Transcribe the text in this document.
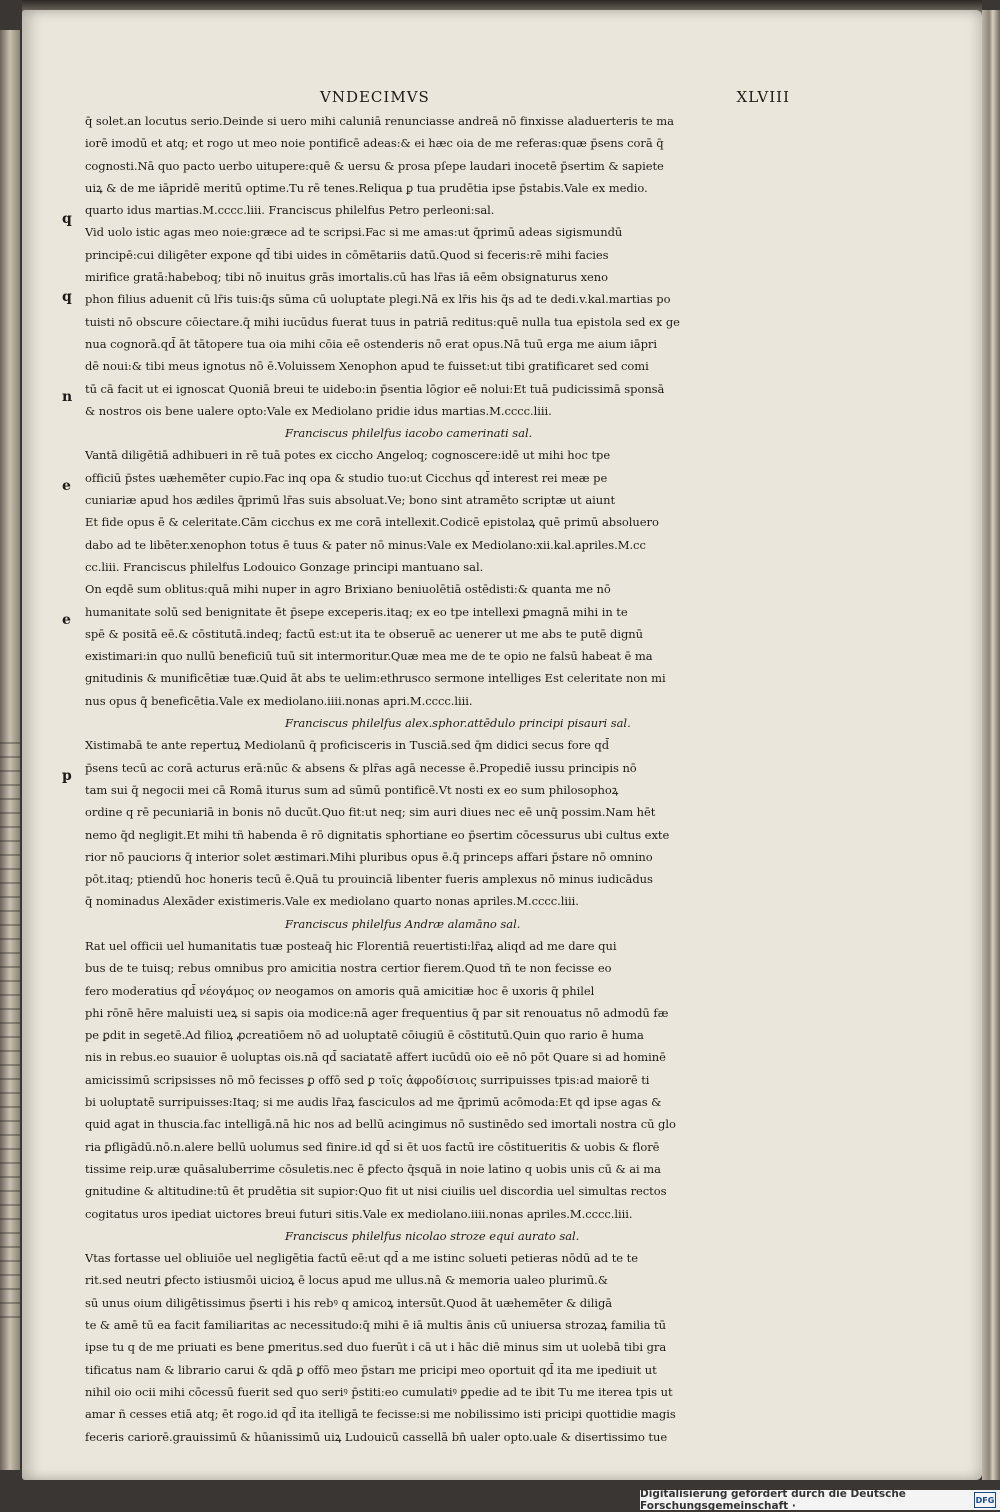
VNDECIMVS	XLVIII
q̄ solet.an locutus serio.Deinde si uero mihi caluniā renunciasse andreā nō finxisse aladuerteris te ma
iorē imodū et atq; et rogo ut meo noie pontificē adeas:& ei hæc oia de me referas:quæ p̄sens corā q̄
cognosti.Nā quo pacto uerbo uitupere:quē & uersu & prosa pſepe laudari inocetē p̄sertim & sapiete
uiꝝ & de me iāpridē meritū optime.Tu rē tenes.Reliqua ꝑ tua prudētia ipse p̄stabis.Vale ex medio.
quarto idus martias.M.cccc.liii. Franciscus philelfus Petro perleoni:sal.
Vid uolo istic agas meo noie:græce ad te scripsi.Fac si me amas:ut q̄primū adeas sigismundū
principē:cui diligēter expone qd̄ tibi uides in cōmētariis datū.Quod si feceris:rē mihi facies
mirifice gratā:habeboq; tibi nō inuitus grās imortalis.cū has lr̄as iā eēm obsignaturus xeno
phon filius aduenit cū lr̄is tuis:q̄s sūma cū uoluptate plegi.Nā ex lr̄is his q̄s ad te dedi.v.kal.martias po
tuisti nō obscure cōiectare.q̄ mihi iucūdus fuerat tuus in patriā reditus:quē nulla tua epistola sed ex ge
nua cognorā.qd̄ āt tātopere tua oia mihi cōia eē ostenderis nō erat opus.Nā tuū erga me aium iāpri
dē noui:& tibi meus ignotus nō ē.Voluissem Xenophon apud te fuisset:ut tibi gratificaret sed comi
tū cā facit ut ei ignoscat Quoniā breui te uidebo:in p̄sentia lōgior eē nolui:Et tuā pudicissimā sponsā
& nostros ois bene ualere opto:Vale ex Mediolano pridie idus martias.M.cccc.liii.
Franciscus philelfus iacobo camerinati sal.
Vantā diligētiā adhibueri in rē tuā potes ex ciccho Angeloq; cognoscere:idē ut mihi hoc tpe
officiū p̄stes uæhemēter cupio.Fac inq opa & studio tuo:ut Cicchus qd̄ interest rei meæ pe
cuniariæ apud hos ædiles q̄primū lr̄as suis absoluat.Ve; bono sint atramēto scriptæ ut aiunt
Et fide opus ē & celeritate.Cām cicchus ex me corā intellexit.Codicē epistolaꝝ quē primū absoluero
dabo ad te libēter.xenophon totus ē tuus & pater nō minus:Vale ex Mediolano:xii.kal.apriles.M.cc
cc.liii. Franciscus philelfus Lodouico Gonzage principi mantuano sal.
On eqdē sum oblitus:quā mihi nuper in agro Brixiano beniuolētiā ostēdisti:& quanta me nō
humanitate solū sed benignitate ēt p̄sepe exceperis.itaq; ex eo tpe intellexi ꝑmagnā mihi in te
spē & positā eē.& cōstitutā.indeq; factū est:ut ita te obseruē ac uenerer ut me abs te putē dignū
existimari:in quo nullū beneficiū tuū sit intermoritur.Quæ mea me de te opio ne falsū habeat ē ma
gnitudinis & munificētiæ tuæ.Quid āt abs te uelim:ethrusco sermone intelliges Est celeritate non mi
nus opus q̄ beneficētia.Vale ex mediolano.iiii.nonas apri.M.cccc.liii.
Franciscus philelfus alex.sphor.attēdulo principi pisauri sal.
Xistimabā te ante repertuꝝ Mediolanū q̄ proficisceris in Tusciā.sed q̄m didici secus fore qd̄
p̄sens tecū ac corā acturus erā:nūc & absens & plr̄as agā necesse ē.Propediē iussu principis nō
tam sui q̄ negocii mei cā Romā iturus sum ad sūmū pontificē.Vt nosti ex eo sum philosophoꝝ
ordine q rē pecuniariā in bonis nō ducūt.Quo fit:ut neq; sim auri diues nec eē unq̄ possim.Nam hēt
nemo q̄d negligit.Et mihi tñ habenda ē rō dignitatis sphortiane eo p̄sertim cōcessurus ubi cultus exte
rior nō pauciorıs q̄ interior solet æstimari.Mihi pluribus opus ē.q̄ princeps affari p̄stare nō omnino
pōt.itaq; ptiendū hoc honeris tecū ē.Quā tu prouinciā libenter fueris amplexus nō minus iudicādus
q̄ nominadus Alexāder existimeris.Vale ex mediolano quarto nonas apriles.M.cccc.liii.
Franciscus philelfus Andræ alamāno sal.
Rat uel officii uel humanitatis tuæ posteaq̄ hic Florentiā reuertisti:lr̄aꝝ aliqd ad me dare qui
bus de te tuisq; rebus omnibus pro amicitia nostra certior fierem.Quod tñ te non fecisse eo
fero moderatius qd̄ νέογάμος ον neogamos on amoris quā amicitiæ hoc ē uxoris q̄ philel
phi rōnē hēre maluisti ueꝝ si sapis oia modice:nā ager frequentius q̄ par sit renouatus nō admodū fæ
pe ꝑdit in segetē.Ad filioꝝ ꝓcreatiōem nō ad uoluptatē cōiugiū ē cōstitutū.Quin quo rario ē huma
nis in rebus.eo suauior ē uoluptas ois.nā qd̄ saciatatē affert iucūdū oio eē nō pōt Quare si ad hominē
amicissimū scripsisses nō mō fecisses ꝑ offō sed ꝑ τοῖς ἀφροδίσιοις surripuisses tpis:ad maiorē ti
bi uoluptatē surripuisses:Itaq; si me audis lr̄aꝝ fasciculos ad me q̄primū acōmoda:Et qd ipse agas &
quid agat in thuscia.fac intelligā.nā hic nos ad bellū acingimus nō sustinēdo sed imortali nostra cū glo
ria ꝑfligādū.nō.n.alere bellū uolumus sed finire.id qd̄ si ēt uos factū ire cōstitueritis & uobis & florē
tissime reip.uræ quāsaluberrime cōsuletis.nec ē ꝑfecto q̄squā in noie latino q uobis unis cū & ai ma
gnitudine & altitudine:tū ēt prudētia sit supior:Quo fit ut nisi ciuilis uel discordia uel simultas rectos
cogitatus uros ipediat uictores breui futuri sitis.Vale ex mediolano.iiii.nonas apriles.M.cccc.liii.
Franciscus philelfus nicolao stroze equi aurato sal.
Vtas fortasse uel obliuiōe uel negligētia factū eē:ut qd̄ a me istinc solueti petieras nōdū ad te te
rit.sed neutri ꝑfecto istiusmōi uicioꝝ ē locus apud me ullus.nā & memoria ualeo plurimū.&
sū unus oium diligētissimus p̄serti i his rebꝰ q amicoꝝ intersūt.Quod āt uæhemēter & diligā
te & amē tū ea facit familiaritas ac necessitudo:q̄ mihi ē iā multis ānis cū uniuersa strozaꝝ familia tū
ipse tu q de me priuati es bene ꝑmeritus.sed duo fuerūt i cā ut i hāc diē minus sim ut uolebā tibi gra
tificatus nam & librario carui & qdā ꝑ offō meo p̄starı me pricipi meo oportuit qd̄ ita me ipediuit ut
nihil oio ocii mihi cōcessū fuerit sed quo seriꝰ p̄stiti:eo cumulatiꝰ ꝑpedie ad te ibit Tu me iterea tpis ut
amar ñ cesses etiā atq; ēt rogo.id qd̄ ita itelligā te fecisse:si me nobilissimo isti pricipi quottidie magis
feceris cariorē.grauissimū & hūanissimū uiꝝ Ludouicū cassellā bn̄ ualer opto.uale & disertissimo tue
q
q
n
e
e
p
Digitalisierung gefördert durch die Deutsche Forschungsgemeinschaft ·	DFG
